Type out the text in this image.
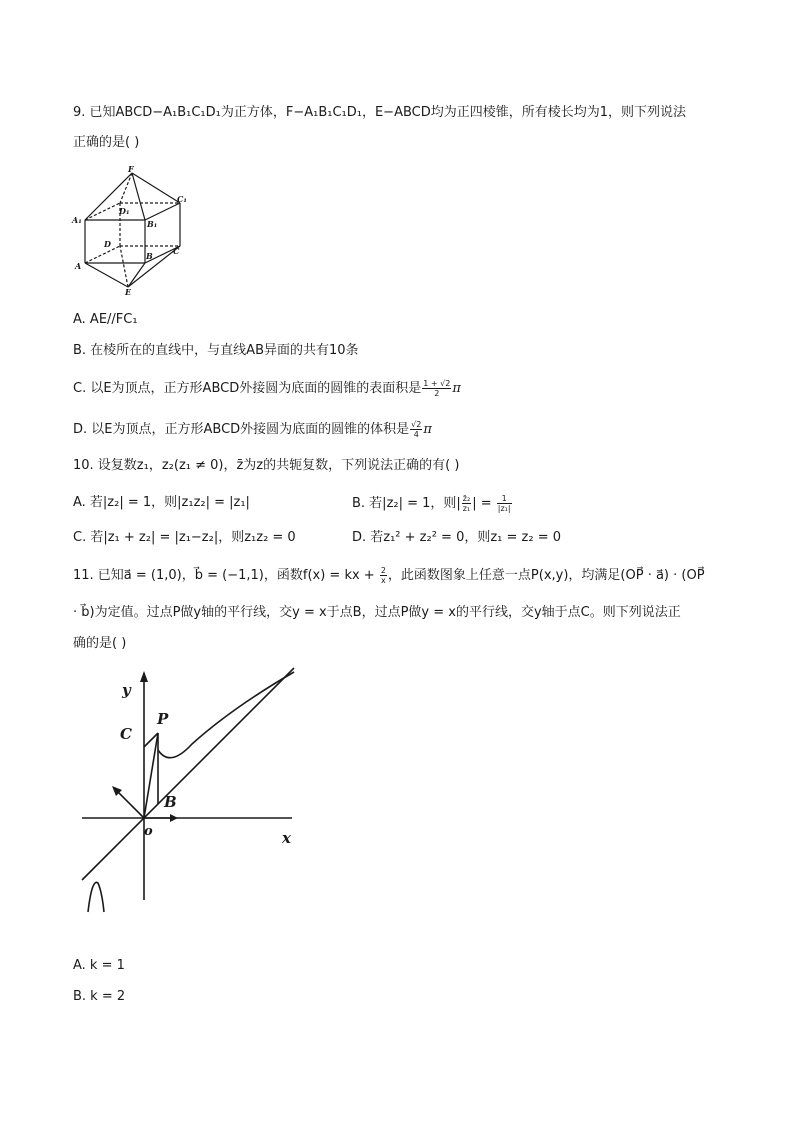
9. 已知ABCD−A₁B₁C₁D₁为正方体，F−A₁B₁C₁D₁，E−ABCD均为正四棱锥，所有棱长均为1，则下列说法
正确的是( )
F
C₁
A₁
D₁
B₁
D
A
B	C
E
A. AE//FC₁
B. 在棱所在的直线中，与直线AB异面的共有10条
C. 以E为顶点，正方形ABCD外接圆为底面的圆锥的表面积是 $\frac{1 + √2}{2}$ π
D. 以E为顶点，正方形ABCD外接圆为底面的圆锥的体积是 $\frac{√2}{4}$ π
10. 设复数z₁，z₂(z₁ ≠ 0)，z̄为z的共轭复数，下列说法正确的有( )
A. 若|z₂| = 1，则|z₁z₂| = |z₁|	B. 若|z₂| = 1，则| $\frac{\text{z̄₂}}{\text{z₁}}$ | = $\frac{1}{\text{|z₁|}}$
C. 若|z₁ + z₂| = |z₁−z₂|，则z₁z₂ = 0	D. 若z₁² + z₂² = 0，则z₁ = z₂ = 0
11. 已知a⃗ = (1,0)，b⃗ = (−1,1)，函数f(x) = kx + $\frac{2}{x}$ ，此函数图象上任意一点P(x,y)，均满足(OP⃗ · a⃗) · (OP⃗
· b⃗)为定值。过点P做y轴的平行线，交y = x于点B，过点P做y = x的平行线，交y轴于点C。则下列说法正
确的是( )
y
C
P
B
o	x
A. k = 1
B. k = 2
